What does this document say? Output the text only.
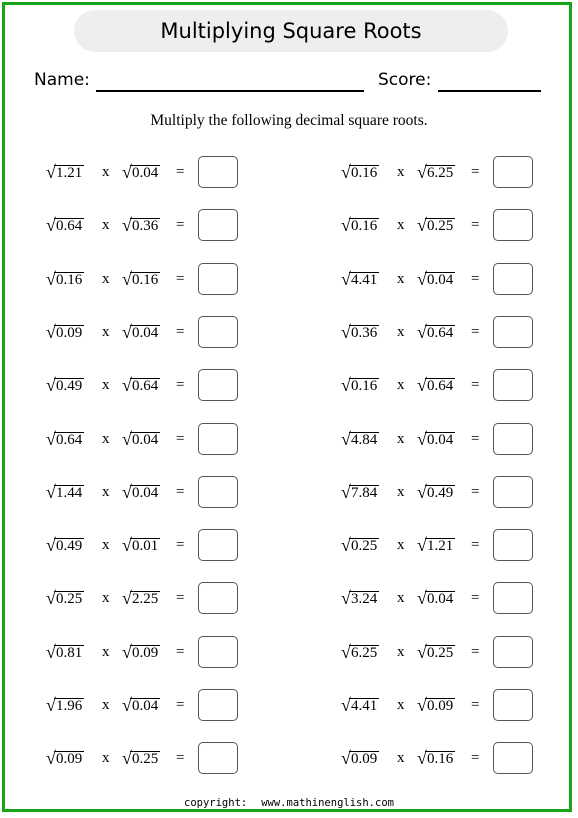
Multiplying Square Roots
Name:	Score:
Multiply the following decimal square roots.
√ 1.21 x √ 0.04 =
√ 0.64 x √ 0.36 =
√ 0.16 x √ 0.16 =
√ 0.09 x √ 0.04 =
√ 0.49 x √ 0.64 =
√ 0.64 x √ 0.04 =
√ 1.44 x √ 0.04 =
√ 0.49 x √ 0.01 =
√ 0.25 x √ 2.25 =
√ 0.81 x √ 0.09 =
√ 1.96 x √ 0.04 =
√ 0.09 x √ 0.25 =
√ 0.16 x √ 6.25 =
√ 0.16 x √ 0.25 =
√ 4.41 x √ 0.04 =
√ 0.36 x √ 0.64 =
√ 0.16 x √ 0.64 =
√ 4.84 x √ 0.04 =
√ 7.84 x √ 0.49 =
√ 0.25 x √ 1.21 =
√ 3.24 x √ 0.04 =
√ 6.25 x √ 0.25 =
√ 4.41 x √ 0.09 =
√ 0.09 x √ 0.16 =
copyright: www.mathinenglish.com
